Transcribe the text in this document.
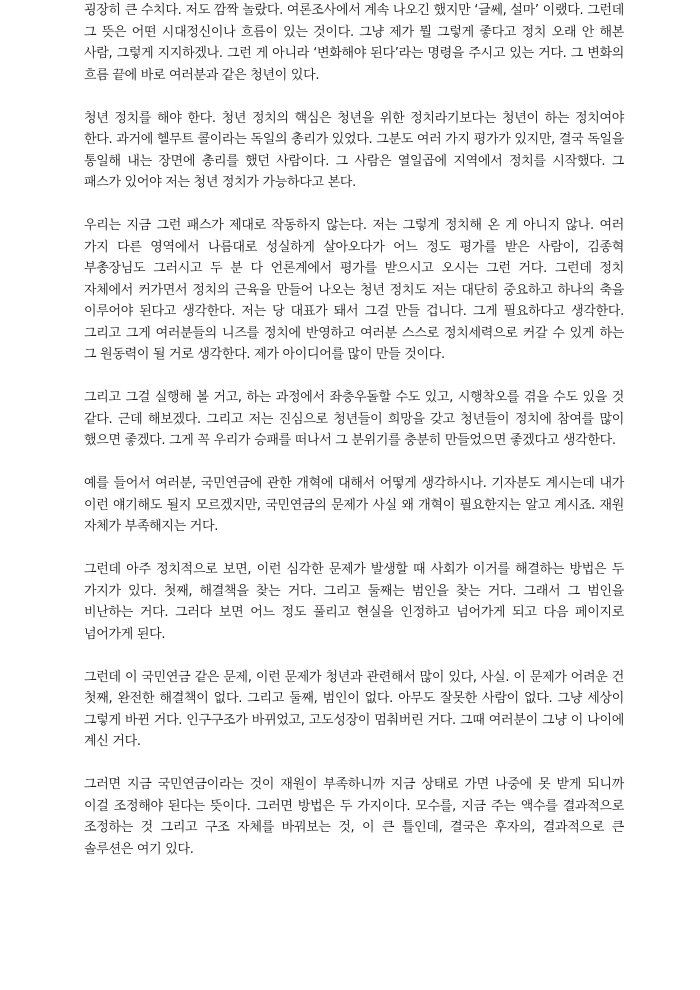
굉장히 큰 수치다. 저도 깜짝 놀랐다. 여론조사에서 계속 나오긴 했지만 ‘글쎄, 설마’ 이랬다. 그런데 그 뜻은 어떤 시대정신이나 흐름이 있는 것이다. 그냥 제가 뭘 그렇게 좋다고 정치 오래 안 해본 사람, 그렇게 지지하겠나. 그런 게 아니라 ‘변화해야 된다’라는 명령을 주시고 있는 거다. 그 변화의 흐름 끝에 바로 여러분과 같은 청년이 있다.

청년 정치를 해야 한다. 청년 정치의 핵심은 청년을 위한 정치라기보다는 청년이 하는 정치여야 한다. 과거에 헬무트 콜이라는 독일의 총리가 있었다. 그분도 여러 가지 평가가 있지만, 결국 독일을 통일해 내는 장면에 총리를 했던 사람이다. 그 사람은 열일곱에 지역에서 정치를 시작했다. 그 패스가 있어야 저는 청년 정치가 가능하다고 본다.

우리는 지금 그런 패스가 제대로 작동하지 않는다. 저는 그렇게 정치해 온 게 아니지 않나. 여러 가지 다른 영역에서 나름대로 성실하게 살아오다가 어느 정도 평가를 받은 사람이, 김종혁 부총장님도 그러시고 두 분 다 언론계에서 평가를 받으시고 오시는 그런 거다. 그런데 정치 자체에서 커가면서 정치의 근육을 만들어 나오는 청년 정치도 저는 대단히 중요하고 하나의 축을 이루어야 된다고 생각한다. 저는 당 대표가 돼서 그걸 만들 겁니다. 그게 필요하다고 생각한다. 그리고 그게 여러분들의 니즈를 정치에 반영하고 여러분 스스로 정치세력으로 커갈 수 있게 하는 그 원동력이 될 거로 생각한다. 제가 아이디어를 많이 만들 것이다.

그리고 그걸 실행해 볼 거고, 하는 과정에서 좌충우돌할 수도 있고, 시행착오를 겪을 수도 있을 것 같다. 근데 해보겠다. 그리고 저는 진심으로 청년들이 희망을 갖고 청년들이 정치에 참여를 많이 했으면 좋겠다. 그게 꼭 우리가 승패를 떠나서 그 분위기를 충분히 만들었으면 좋겠다고 생각한다.

예를 들어서 여러분, 국민연금에 관한 개혁에 대해서 어떻게 생각하시나. 기자분도 계시는데 내가 이런 얘기해도 될지 모르겠지만, 국민연금의 문제가 사실 왜 개혁이 필요한지는 알고 계시죠. 재원 자체가 부족해지는 거다.

그런데 아주 정치적으로 보면, 이런 심각한 문제가 발생할 때 사회가 이거를 해결하는 방법은 두 가지가 있다. 첫째, 해결책을 찾는 거다. 그리고 둘째는 범인을 찾는 거다. 그래서 그 범인을 비난하는 거다. 그러다 보면 어느 정도 풀리고 현실을 인정하고 넘어가게 되고 다음 페이지로 넘어가게 된다.

그런데 이 국민연금 같은 문제, 이런 문제가 청년과 관련해서 많이 있다, 사실. 이 문제가 어려운 건 첫째, 완전한 해결책이 없다. 그리고 둘째, 범인이 없다. 아무도 잘못한 사람이 없다. 그냥 세상이 그렇게 바뀐 거다. 인구구조가 바뀌었고, 고도성장이 멈춰버린 거다. 그때 여러분이 그냥 이 나이에 계신 거다.

그러면 지금 국민연금이라는 것이 재원이 부족하니까 지금 상태로 가면 나중에 못 받게 되니까 이걸 조정해야 된다는 뜻이다. 그러면 방법은 두 가지이다. 모수를, 지금 주는 액수를 결과적으로 조정하는 것 그리고 구조 자체를 바꿔보는 것, 이 큰 틀인데, 결국은 후자의, 결과적으로 큰 솔루션은 여기 있다.
